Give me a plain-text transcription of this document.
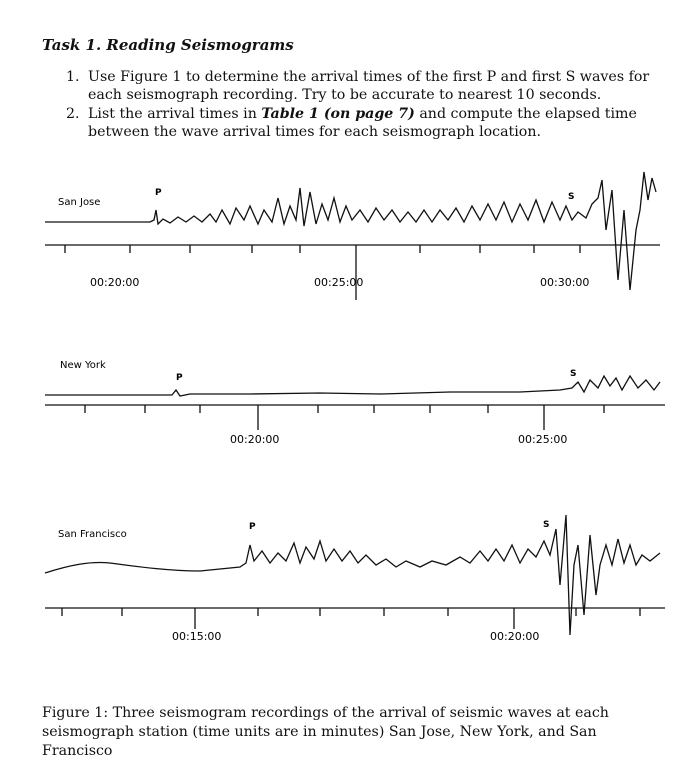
Task 1. Reading Seismograms
1. Use Figure 1 to determine the arrival times of the first P and first S waves for each seismograph recording. Try to be accurate to nearest 10 seconds.
2. List the arrival times in Table 1 (on page 7) and compute the elapsed time between the wave arrival times for each seismograph location.
San Jose
P	S
00:20:00	00:25:00	00:30:00
New York
P	S
00:20:00	00:25:00
San Francisco
P	S
00:15:00	00:20:00
Figure 1: Three seismogram recordings of the arrival of seismic waves at each seismograph station (time units are in minutes) San Jose, New York, and San Francisco
